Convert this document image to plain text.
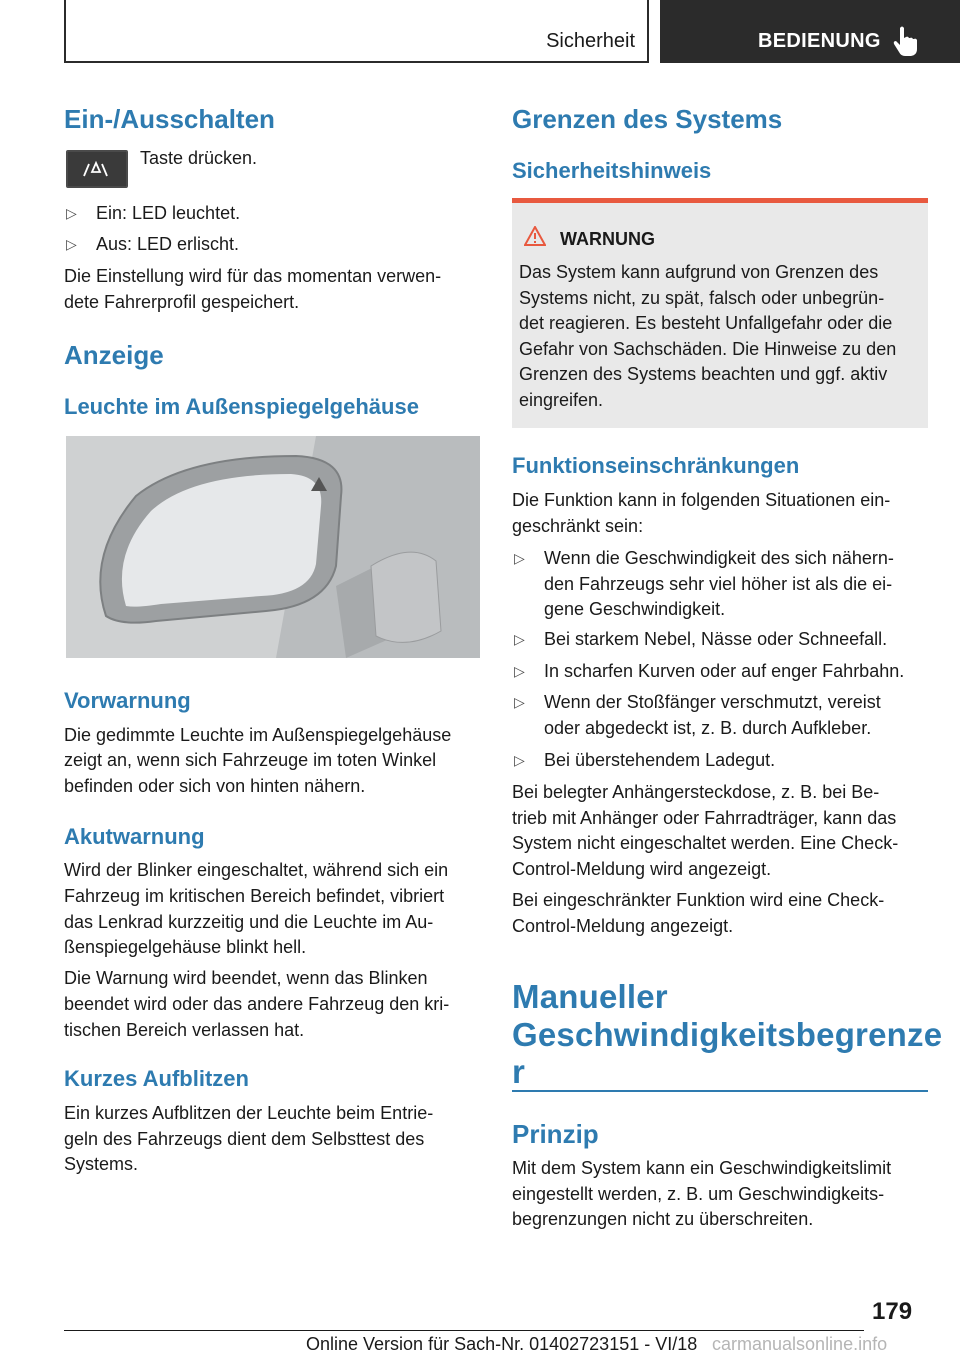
Sicherheit	BEDIENUNG
Ein-/Ausschalten

Taste drücken.

▷	Ein: LED leuchtet.
▷	Aus: LED erlischt.

Die Einstellung wird für das momentan verwen-

dete Fahrerprofil gespeichert.

Anzeige
Leuchte im Außenspiegelgehäuse
Vorwarnung

Die gedimmte Leuchte im Außenspiegelgehäuse

zeigt an, wenn sich Fahrzeuge im toten Winkel

befinden oder sich von hinten nähern.

Akutwarnung

Wird der Blinker eingeschaltet, während sich ein

Fahrzeug im kritischen Bereich befindet, vibriert

das Lenkrad kurzzeitig und die Leuchte im Au-

ßenspiegelgehäuse blinkt hell.

Die Warnung wird beendet, wenn das Blinken

beendet wird oder das andere Fahrzeug den kri-

tischen Bereich verlassen hat.

Kurzes Aufblitzen

Ein kurzes Aufblitzen der Leuchte beim Entrie-

geln des Fahrzeugs dient dem Selbsttest des

Systems.

Grenzen des Systems
Sicherheitshinweis
WARNUNG

Das System kann aufgrund von Grenzen des

Systems nicht, zu spät, falsch oder unbegrün-

det reagieren. Es besteht Unfallgefahr oder die

Gefahr von Sachschäden. Die Hinweise zu den

Grenzen des Systems beachten und ggf. aktiv

eingreifen.

Funktionseinschränkungen

Die Funktion kann in folgenden Situationen ein-

geschränkt sein:

▷	Wenn die Geschwindigkeit des sich nähern-
den Fahrzeugs sehr viel höher ist als die ei-
gene Geschwindigkeit.
▷	Bei starkem Nebel, Nässe oder Schneefall.
▷	In scharfen Kurven oder auf enger Fahrbahn.
▷	Wenn der Stoßfänger verschmutzt, vereist
oder abgedeckt ist, z. B. durch Aufkleber.
▷	Bei überstehendem Ladegut.

Bei belegter Anhängersteckdose, z. B. bei Be-

trieb mit Anhänger oder Fahrradträger, kann das

System nicht eingeschaltet werden. Eine Check-

Control-Meldung wird angezeigt.

Bei eingeschränkter Funktion wird eine Check-

Control-Meldung angezeigt.

Manueller
Geschwindigkeitsbegrenze
r
Prinzip

Mit dem System kann ein Geschwindigkeitslimit

eingestellt werden, z. B. um Geschwindigkeits-

begrenzungen nicht zu überschreiten.

179
Online Version für Sach-Nr. 01402723151 - VI/18 carmanualsonline.info
